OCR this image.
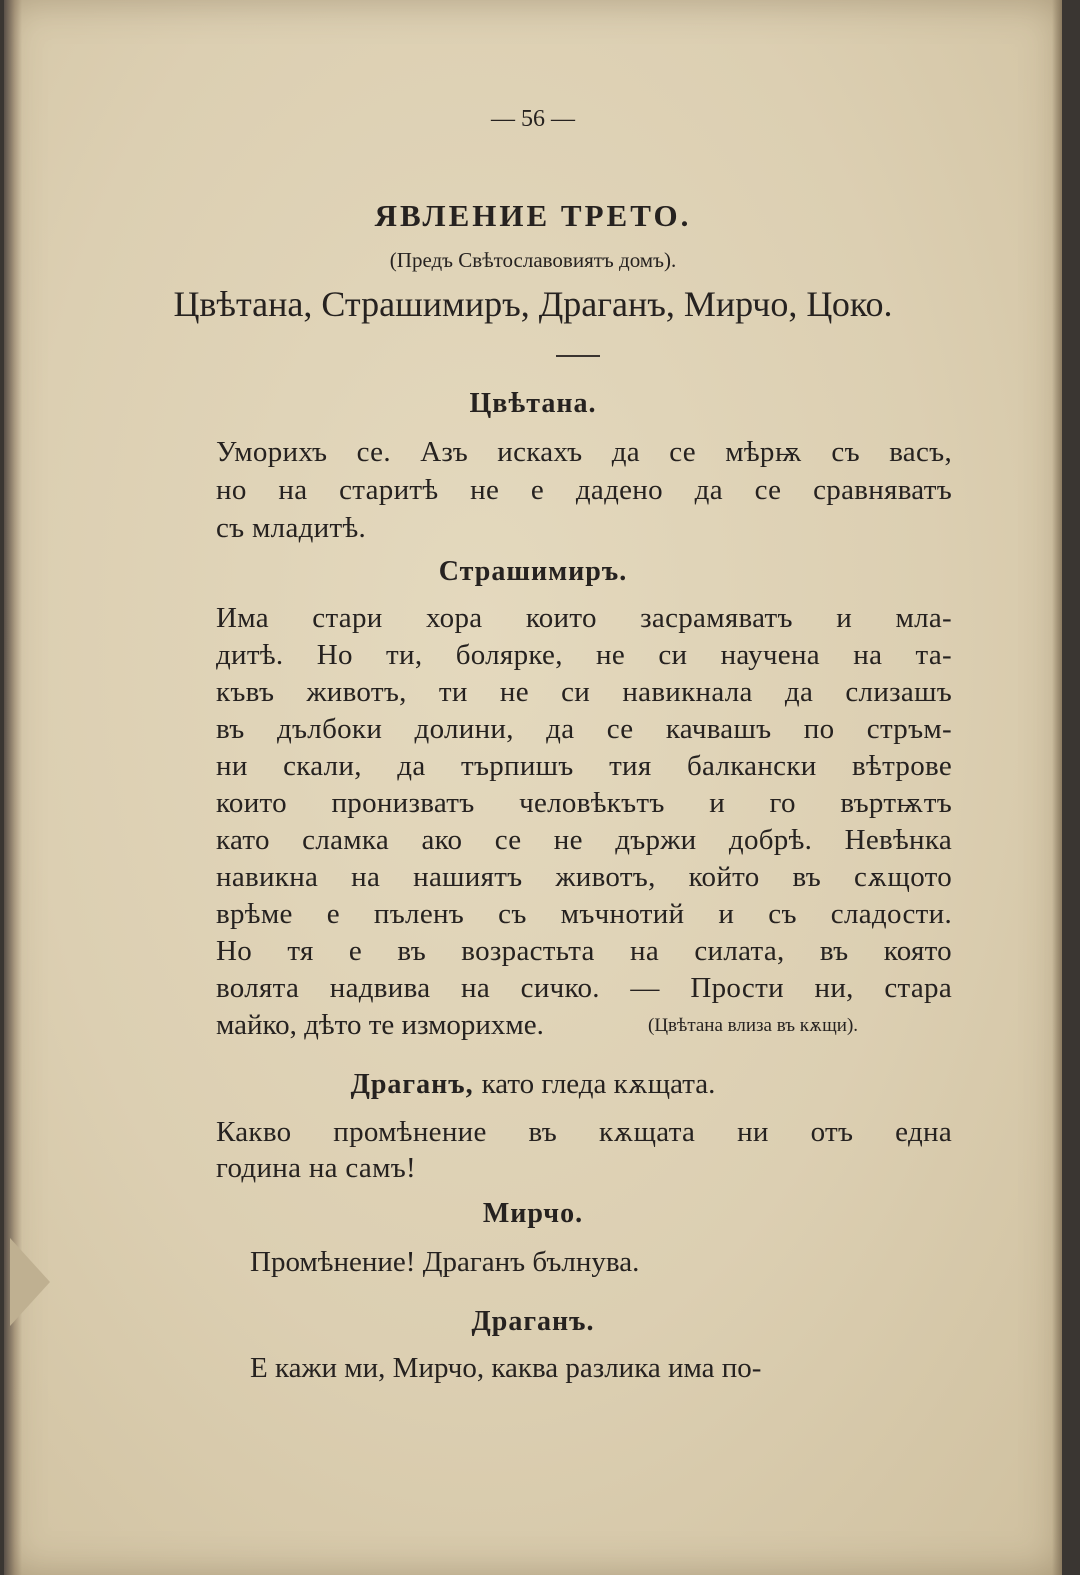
— 56 —
ЯВЛЕНИЕ ТРЕТО.
(Предъ Свѣтославовиятъ домъ).
Цвѣтана, Страшимиръ, Драганъ, Мирчо, Цоко.
Цвѣтана.
Уморихъ се. Азъ искахъ да се мѣрѭ съ васъ,
но на старитѣ не е дадено да се сравняватъ
съ младитѣ.
Страшимиръ.
Има стари хора които засрамяватъ и мла-
дитѣ. Но ти, болярке, не си научена на та-
къвъ животъ, ти не си навикнала да слизашъ
въ дълбоки долини, да се качвашъ по стръм-
ни скали, да търпишъ тия балкански вѣтрове
които пронизватъ человѣкътъ и го въртѭтъ
като сламка ако се не държи добрѣ. Невѣнка
навикна на нашиятъ животъ, който въ сѫщото
врѣме е пъленъ съ мъчнотий и съ сладости.
Но тя е въ возрастьта на силата, въ която
волята надвива на сичко. — Прости ни, стара
майко, дѣто те изморихме.	(Цвѣтана влиза въ кѫщи).
Драганъ, като гледа кѫщата.
Какво промѣнение въ кѫщата ни отъ една
година на самъ!
Мирчо.
Промѣнение! Драганъ бълнува.
Драганъ.
Е кажи ми, Мирчо, каква разлика има по-
